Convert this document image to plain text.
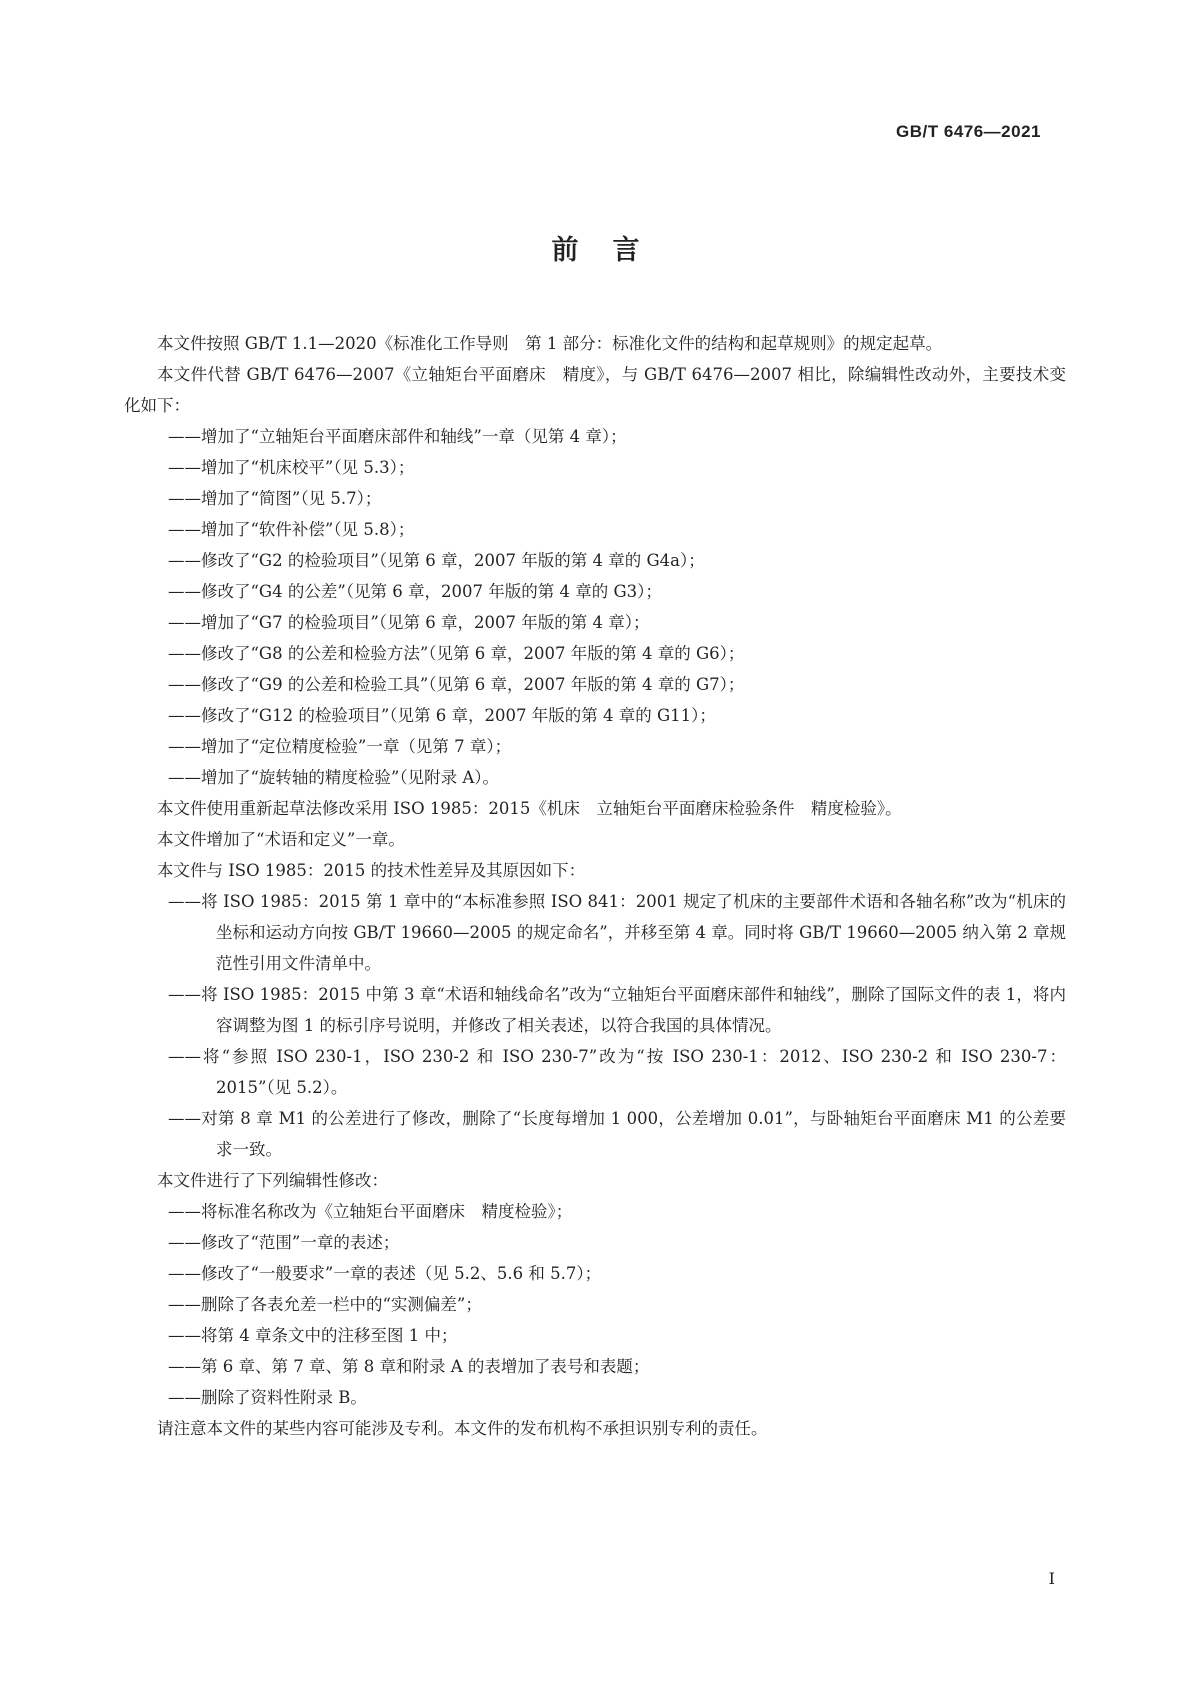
GB/T 6476—2021
前言

本文件按照 GB/T 1.1—2020《标准化工作导则　第 1 部分：标准化文件的结构和起草规则》的规定起草。

本文件代替 GB/T 6476—2007《立轴矩台平面磨床　精度》，与 GB/T 6476—2007 相比，除编辑性改动外，主要技术变化如下：

——增加了“立轴矩台平面磨床部件和轴线”一章（见第 4 章）；

——增加了“机床校平”（见 5.3）；

——增加了“简图”（见 5.7）；

——增加了“软件补偿”（见 5.8）；

——修改了“G2 的检验项目”（见第 6 章，2007 年版的第 4 章的 G4a）；

——修改了“G4 的公差”（见第 6 章，2007 年版的第 4 章的 G3）；

——增加了“G7 的检验项目”（见第 6 章，2007 年版的第 4 章）；

——修改了“G8 的公差和检验方法”（见第 6 章，2007 年版的第 4 章的 G6）；

——修改了“G9 的公差和检验工具”（见第 6 章，2007 年版的第 4 章的 G7）；

——修改了“G12 的检验项目”（见第 6 章，2007 年版的第 4 章的 G11）；

——增加了“定位精度检验”一章（见第 7 章）；

——增加了“旋转轴的精度检验”（见附录 A）。

本文件使用重新起草法修改采用 ISO 1985：2015《机床　立轴矩台平面磨床检验条件　精度检验》。

本文件增加了“术语和定义”一章。

本文件与 ISO 1985：2015 的技术性差异及其原因如下：

——将 ISO 1985：2015 第 1 章中的“本标准参照 ISO 841：2001 规定了机床的主要部件术语和各轴名称”改为“机床的坐标和运动方向按 GB/T 19660—2005 的规定命名”，并移至第 4 章。同时将 GB/T 19660—2005 纳入第 2 章规范性引用文件清单中。

——将 ISO 1985：2015 中第 3 章“术语和轴线命名”改为“立轴矩台平面磨床部件和轴线”，删除了国际文件的表 1，将内容调整为图 1 的标引序号说明，并修改了相关表述，以符合我国的具体情况。

——将“参照 ISO 230-1，ISO 230-2 和 ISO 230-7”改为“按 ISO 230-1：2012、ISO 230-2 和 ISO 230-7：2015”（见 5.2）。

——对第 8 章 M1 的公差进行了修改，删除了“长度每增加 1 000，公差增加 0.01”，与卧轴矩台平面磨床 M1 的公差要求一致。

本文件进行了下列编辑性修改：

——将标准名称改为《立轴矩台平面磨床　精度检验》；

——修改了“范围”一章的表述；

——修改了“一般要求”一章的表述（见 5.2、5.6 和 5.7）；

——删除了各表允差一栏中的“实测偏差”；

——将第 4 章条文中的注移至图 1 中；

——第 6 章、第 7 章、第 8 章和附录 A 的表增加了表号和表题；

——删除了资料性附录 B。

请注意本文件的某些内容可能涉及专利。本文件的发布机构不承担识别专利的责任。

I
